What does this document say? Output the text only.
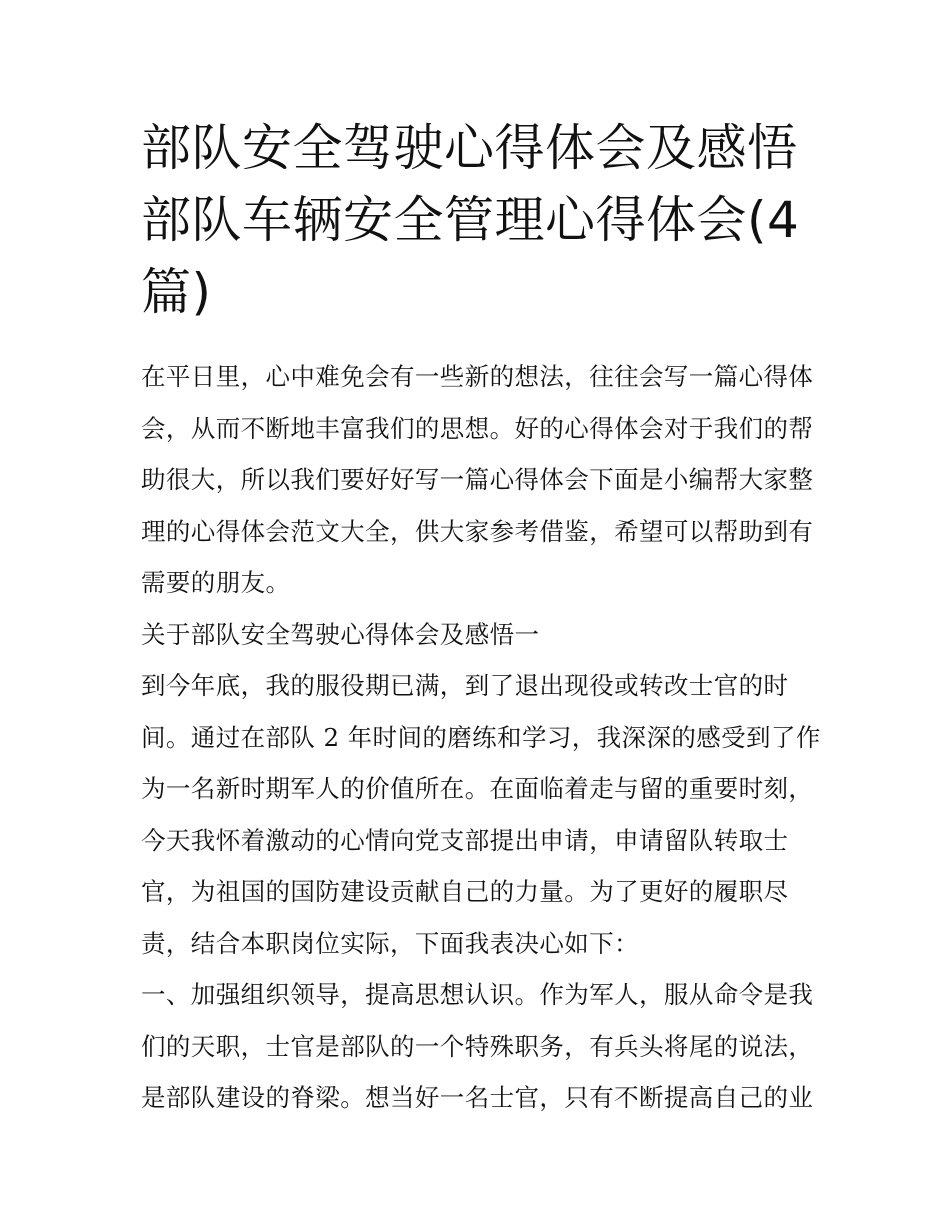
部队安全驾驶心得体会及感悟
部队车辆安全管理心得体会(4
篇)

在平日里，心中难免会有一些新的想法，往往会写一篇心得体
会，从而不断地丰富我们的思想。好的心得体会对于我们的帮
助很大，所以我们要好好写一篇心得体会下面是小编帮大家整
理的心得体会范文大全，供大家参考借鉴，希望可以帮助到有
需要的朋友。

关于部队安全驾驶心得体会及感悟一

到今年底，我的服役期已满，到了退出现役或转改士官的时
间。通过在部队 2 年时间的磨练和学习，我深深的感受到了作
为一名新时期军人的价值所在。在面临着走与留的重要时刻，
今天我怀着激动的心情向党支部提出申请，申请留队转取士
官，为祖国的国防建设贡献自己的力量。为了更好的履职尽
责，结合本职岗位实际，下面我表决心如下：

一、加强组织领导，提高思想认识。作为军人，服从命令是我
们的天职，士官是部队的一个特殊职务，有兵头将尾的说法，
是部队建设的脊梁。想当好一名士官，只有不断提高自己的业
